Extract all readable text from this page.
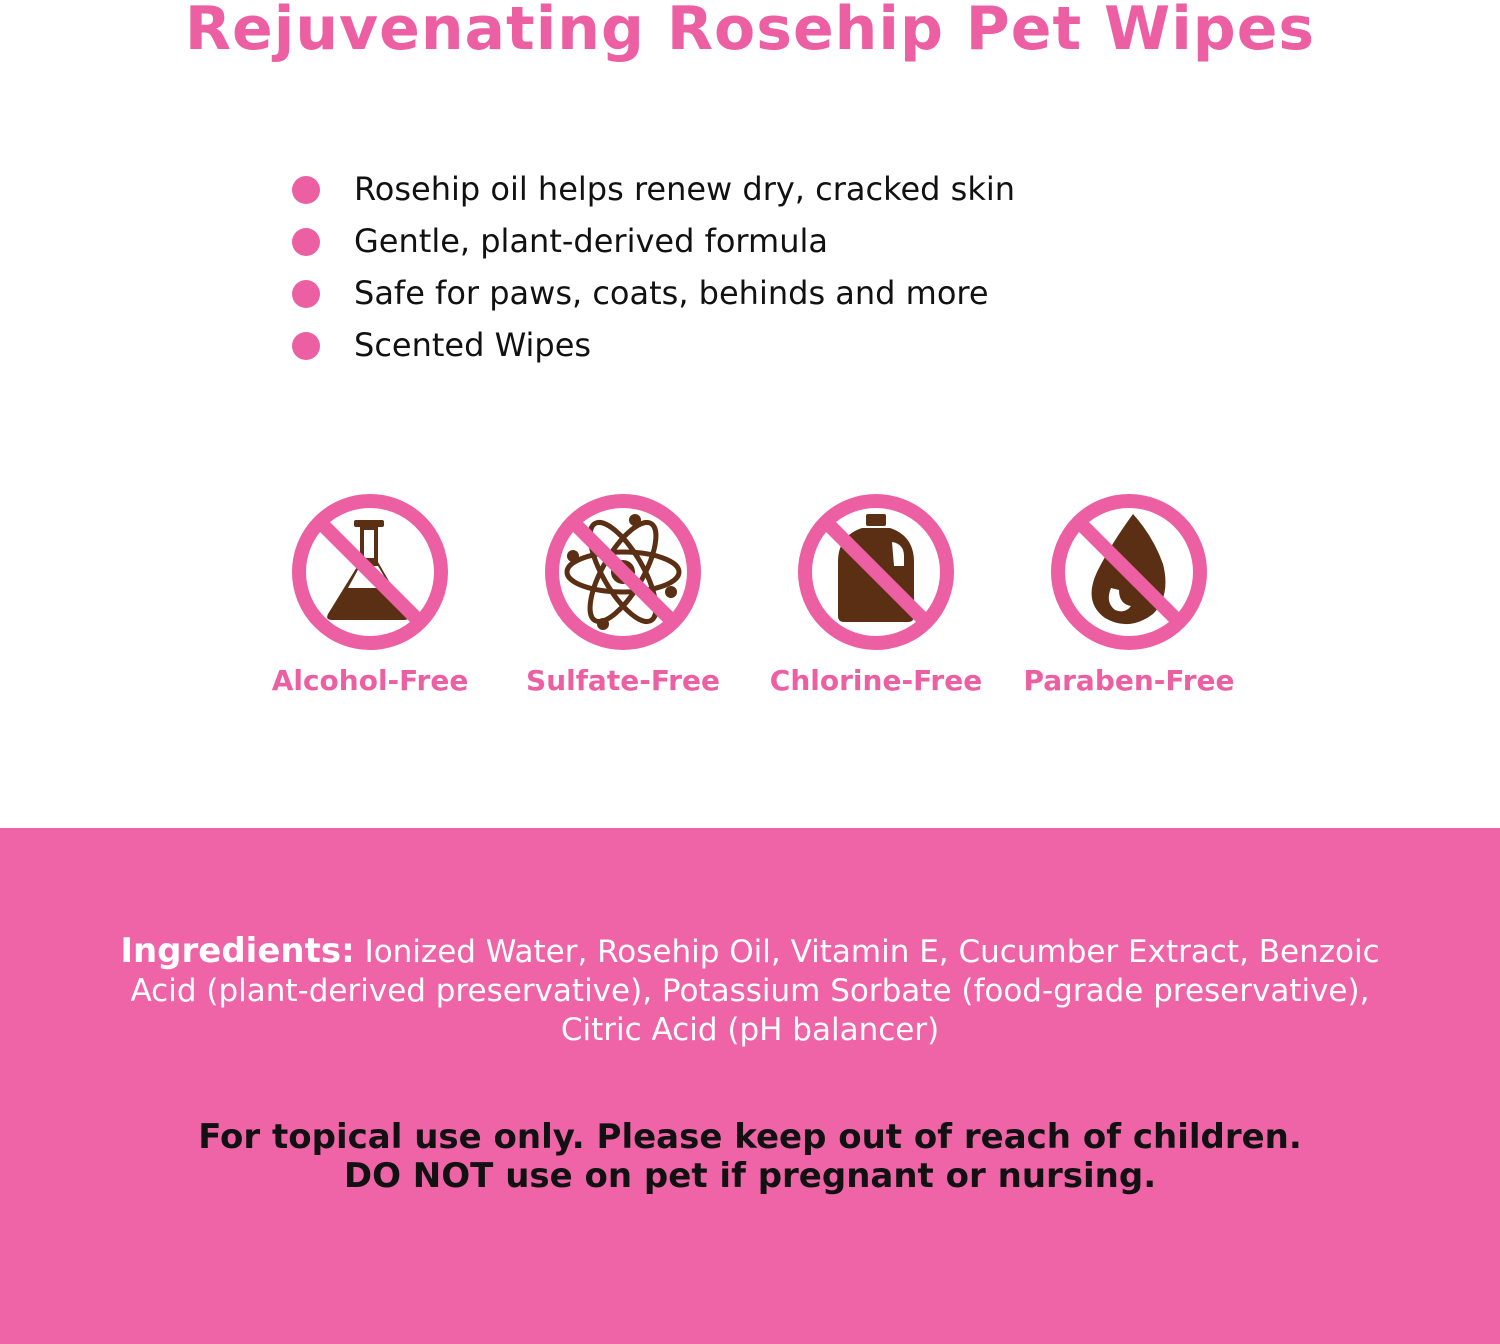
Rejuvenating Rosehip Pet Wipes
Rosehip oil helps renew dry, cracked skin
Gentle, plant-derived formula
Safe for paws, coats, behinds and more
Scented Wipes
Alcohol-Free	Sulfate-Free	Chlorine-Free	Paraben-Free
Ingredients: Ionized Water, Rosehip Oil, Vitamin E, Cucumber Extract, Benzoic Acid (plant-derived preservative), Potassium Sorbate (food-grade preservative), Citric Acid (pH balancer)
For topical use only. Please keep out of reach of children.
DO NOT use on pet if pregnant or nursing.
